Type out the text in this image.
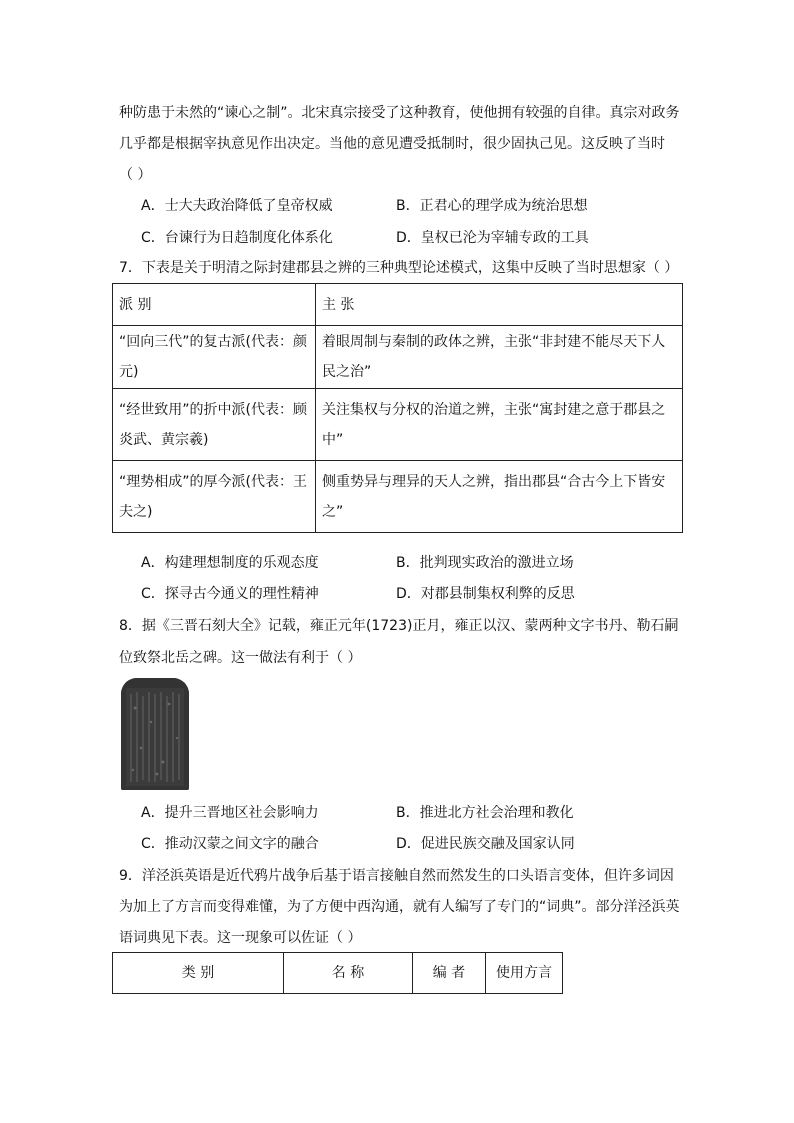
种防患于未然的“谏心之制”。北宋真宗接受了这种教育，使他拥有较强的自律。真宗对政务
几乎都是根据宰执意见作出决定。当他的意见遭受抵制时，很少固执己见。这反映了当时
（ ）
A．士大夫政治降低了皇帝权威	B．正君心的理学成为统治思想
C．台谏行为日趋制度化体系化	D．皇权已沦为宰辅专政的工具
7．下表是关于明清之际封建郡县之辨的三种典型论述模式，这集中反映了当时思想家（ ）
派 别	主 张
“回向三代”的复古派(代表：颜元)	着眼周制与秦制的政体之辨，主张“非封建不能尽天下人民之治”
“经世致用”的折中派(代表：顾炎武、黄宗羲)	关注集权与分权的治道之辨，主张“寓封建之意于郡县之中”
“理势相成”的厚今派(代表：王夫之)	侧重势异与理异的天人之辨，指出郡县“合古今上下皆安之”
A．构建理想制度的乐观态度	B．批判现实政治的激进立场
C．探寻古今通义的理性精神	D．对郡县制集权利弊的反思
8．据《三晋石刻大全》记载，雍正元年(1723)正月，雍正以汉、蒙两种文字书丹、勒石嗣
位致祭北岳之碑。这一做法有利于（ ）
A．提升三晋地区社会影响力	B．推进北方社会治理和教化
C．推动汉蒙之间文字的融合	D．促进民族交融及国家认同
9．洋泾浜英语是近代鸦片战争后基于语言接触自然而然发生的口头语言变体，但许多词因
为加上了方言而变得难懂，为了方便中西沟通，就有人编写了专门的“词典”。部分洋泾浜英
语词典见下表。这一现象可以佐证（ ）
类 别	名 称	编 者	使用方言
